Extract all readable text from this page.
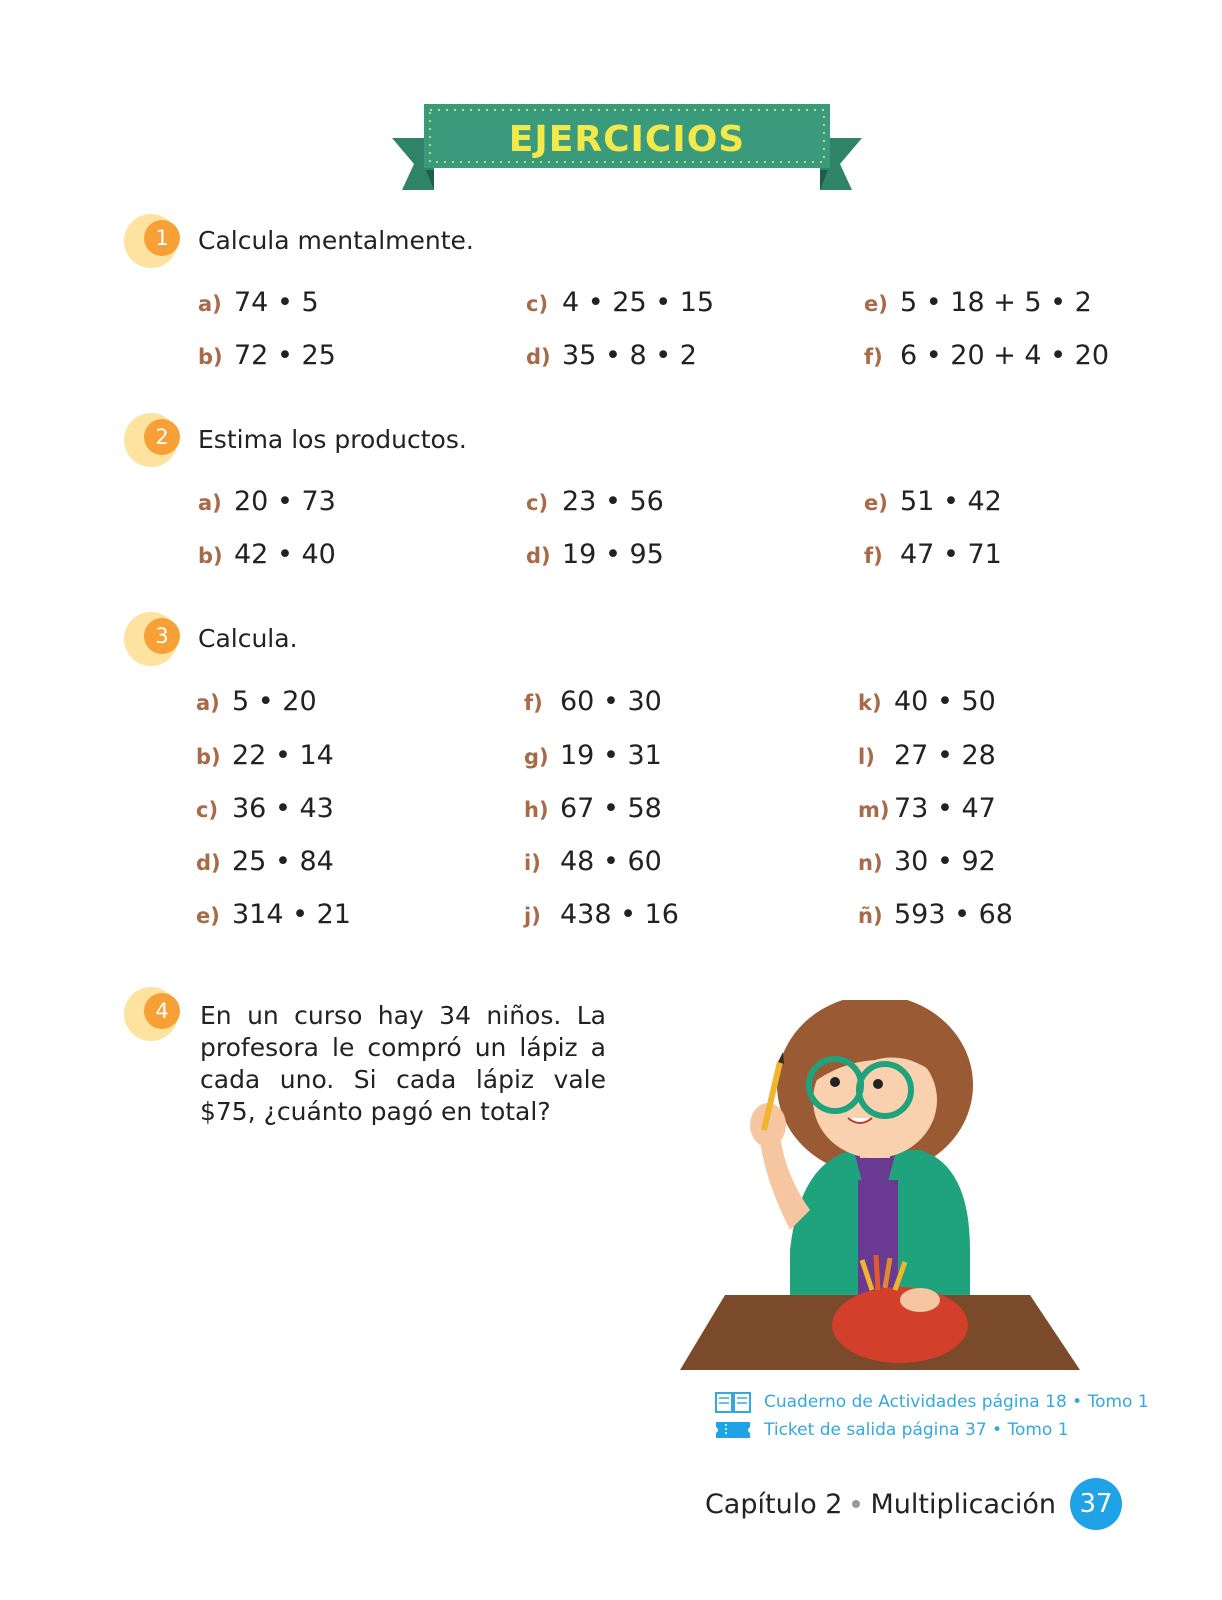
EJERCICIOS
1	Calcula mentalmente.
a) 74 • 5
b) 72 • 25
c) 4 • 25 • 15
d) 35 • 8 • 2
e) 5 • 18 + 5 • 2
f) 6 • 20 + 4 • 20
2	Estima los productos.
a) 20 • 73
b) 42 • 40
c) 23 • 56
d) 19 • 95
e) 51 • 42
f) 47 • 71
3	Calcula.
a) 5 • 20
b) 22 • 14
c) 36 • 43
d) 25 • 84
e) 314 • 21
f) 60 • 30
g) 19 • 31
h) 67 • 58
i) 48 • 60
j) 438 • 16
k) 40 • 50
l) 27 • 28
m) 73 • 47
n) 30 • 92
ñ) 593 • 68
4	En un curso hay 34 niños. La profesora le compró un lápiz a cada uno. Si cada lápiz vale $75, ¿cuánto pagó en total?
Cuaderno de Actividades página 18 • Tomo 1
Ticket de salida página 37 • Tomo 1
Capítulo 2 Multiplicación 37
